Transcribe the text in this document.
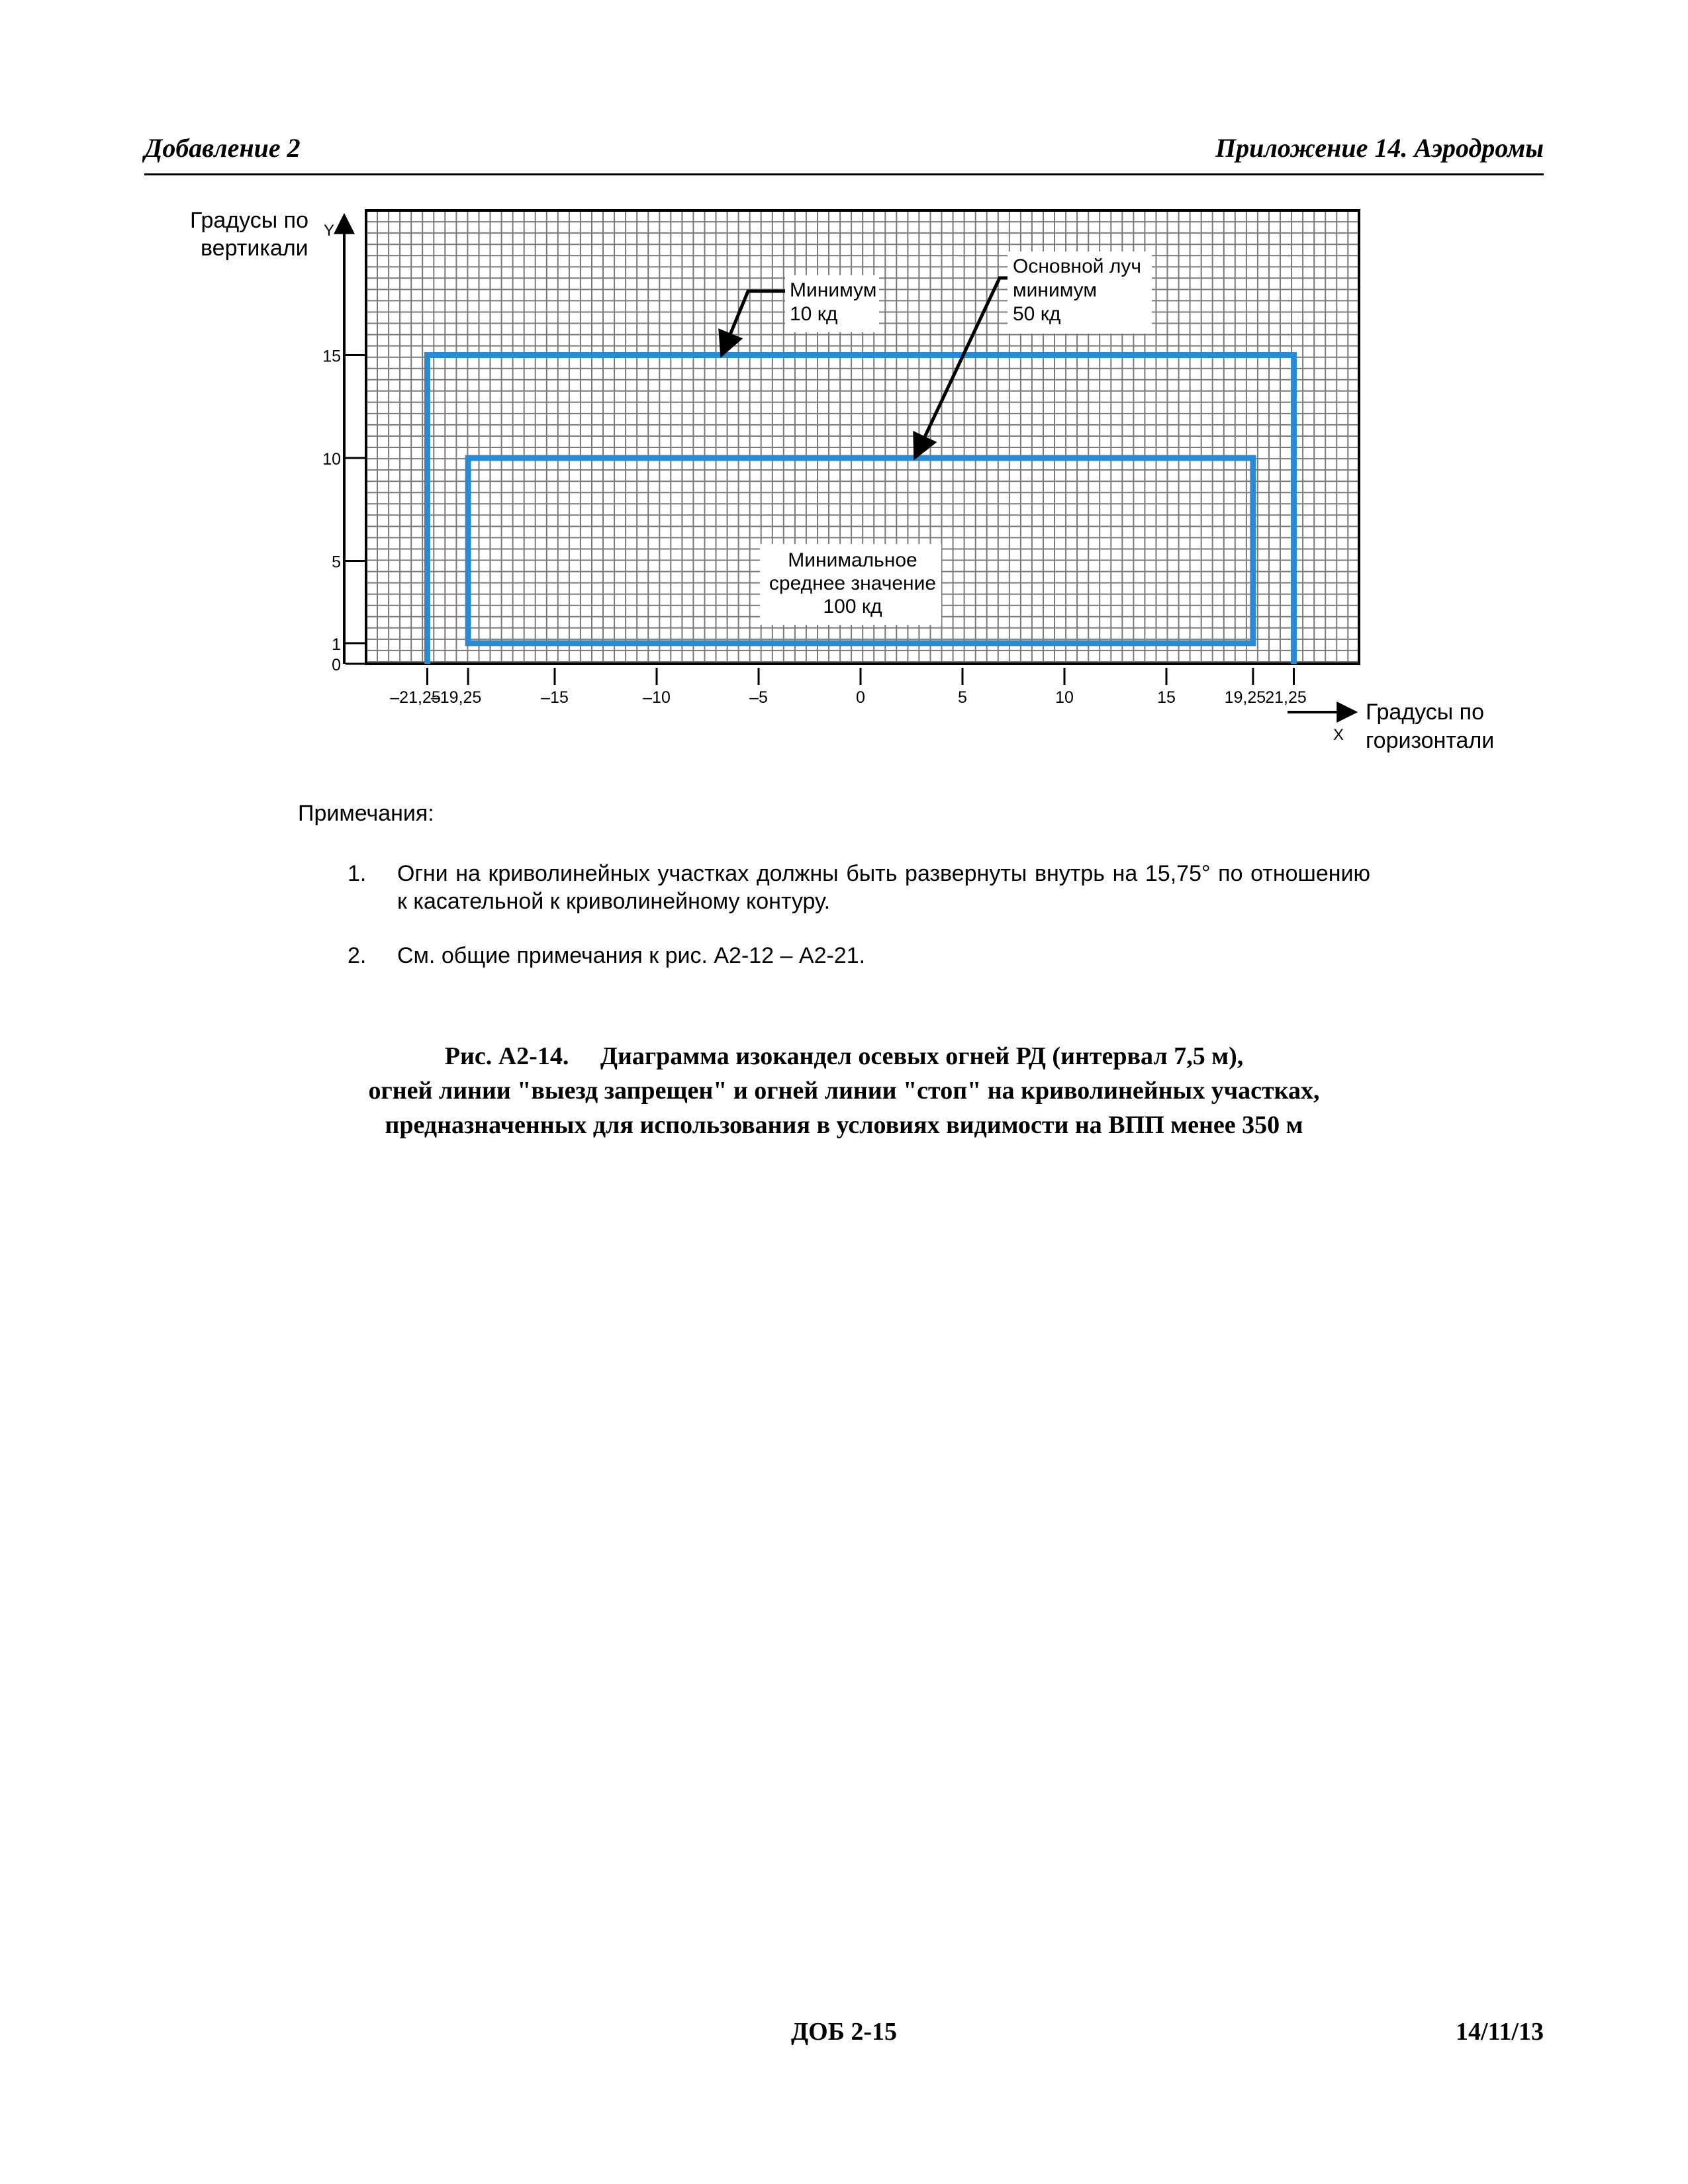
Добавление 2	Приложение 14. Аэродромы
Y
Градусы по
вертикали
0
1
5
10
15
X
Градусы по
горизонтали
–21,25
–19,25	–15	–10	–5	0	5	10	15	19,25 21,25
Минимум
10 кд
Основной луч
минимум
50 кд
Минимальное
среднее значение
100 кд
Примечания:
1. Огни на криволинейных участках должны быть развернуты внутрь на 15,75° по отношению к касательной к криволинейному контуру.
2. См. общие примечания к рис. А2-12 – А2-21.
Рис. А2-14.     Диаграмма изокандел осевых огней РД (интервал 7,5 м),
огней линии "выезд запрещен" и огней линии "стоп" на криволинейных участках,
предназначенных для использования в условиях видимости на ВПП менее 350 м
ДОБ 2-15	14/11/13
